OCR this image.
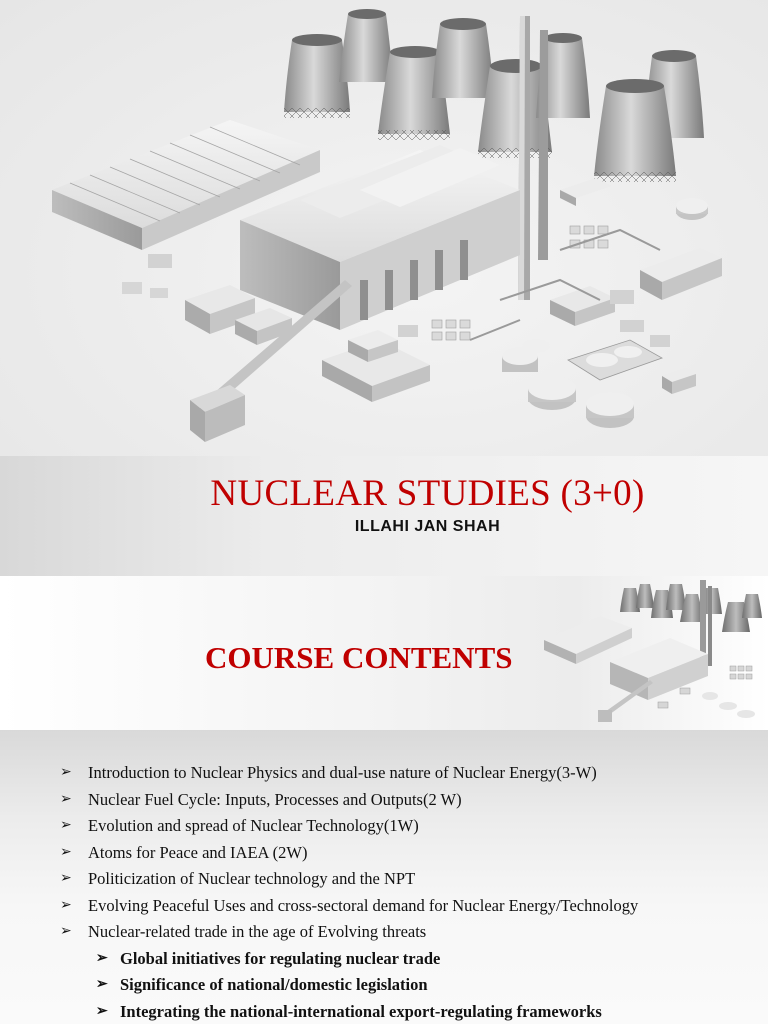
NUCLEAR STUDIES (3+0)
ILLAHI JAN SHAH
COURSE CONTENTS
➢ Introduction to Nuclear Physics and dual-use nature of Nuclear Energy(3-W)
➢ Nuclear Fuel Cycle: Inputs, Processes and Outputs(2 W)
➢ Evolution and spread of Nuclear Technology(1W)
➢ Atoms for Peace and IAEA (2W)
➢ Politicization of Nuclear technology and the NPT
➢ Evolving Peaceful Uses and cross-sectoral demand for Nuclear Energy/Technology
➢ Nuclear-related trade in the age of Evolving threats
➢ Global initiatives for regulating nuclear trade
➢ Significance of national/domestic legislation
➢ Integrating the national-international export-regulating frameworks
